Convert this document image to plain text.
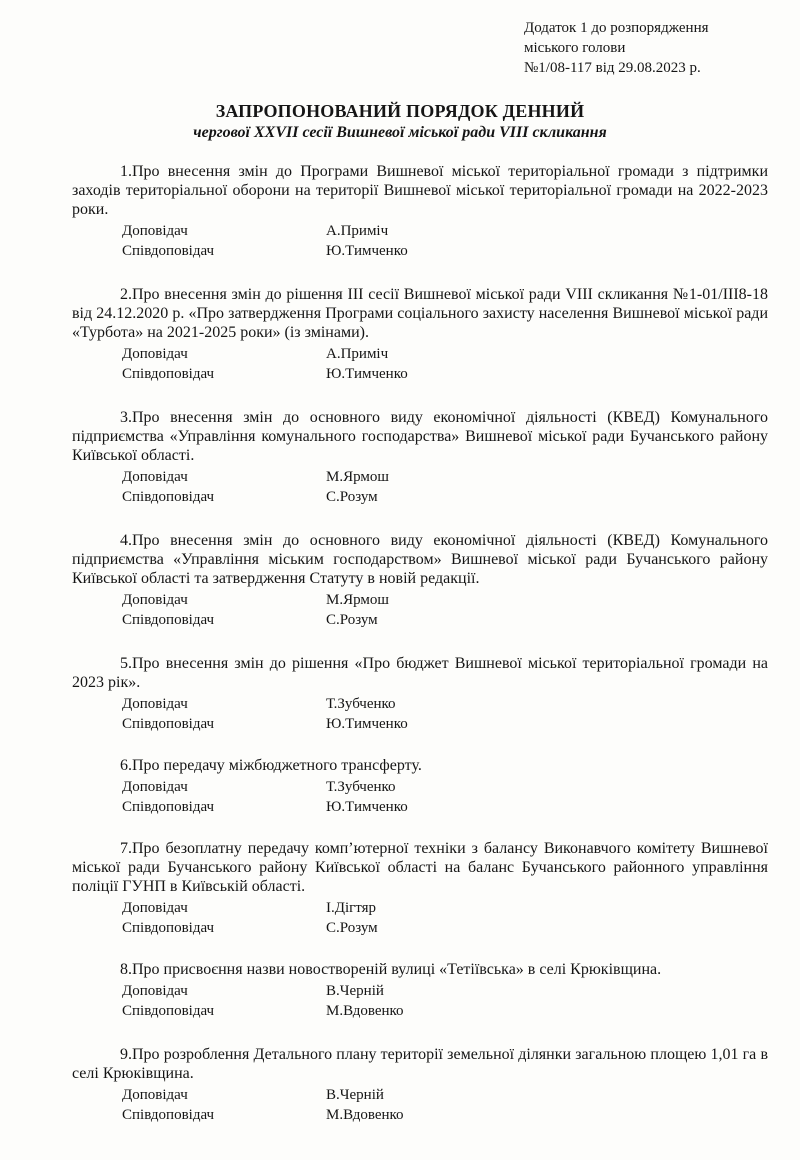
Додаток 1 до розпорядження
міського голови
№1/08-117 від 29.08.2023 р.
ЗАПРОПОНОВАНИЙ ПОРЯДОК ДЕННИЙ
чергової XXVII сесії Вишневої міської ради VIII скликання

1.Про внесення змін до Програми Вишневої міської територіальної громади з підтримки заходів територіальної оборони на території Вишневої міської територіальної громади на 2022-2023 роки.

Доповідач	А.Приміч
Співдоповідач	Ю.Тимченко

2.Про внесення змін до рішення ІІІ сесії Вишневої міської ради VIII скликання №1-01/ІІІ8-18 від 24.12.2020 р. «Про затвердження Програми соціального захисту населення Вишневої міської ради «Турбота» на 2021-2025 роки» (із змінами).

Доповідач	А.Приміч
Співдоповідач	Ю.Тимченко

3.Про внесення змін до основного виду економічної діяльності (КВЕД) Комунального підприємства «Управління комунального господарства» Вишневої міської ради Бучанського району Київської області.

Доповідач	М.Ярмош
Співдоповідач	С.Розум

4.Про внесення змін до основного виду економічної діяльності (КВЕД) Комунального підприємства «Управління міським господарством» Вишневої міської ради Бучанського району Київської області та затвердження Статуту в новій редакції.

Доповідач	М.Ярмош
Співдоповідач	С.Розум

5.Про внесення змін до рішення «Про бюджет Вишневої міської територіальної громади на 2023 рік».

Доповідач	Т.Зубченко
Співдоповідач	Ю.Тимченко

6.Про передачу міжбюджетного трансферту.

Доповідач	Т.Зубченко
Співдоповідач	Ю.Тимченко

7.Про безоплатну передачу комп’ютерної техніки з балансу Виконавчого комітету Вишневої міської ради Бучанського району Київської області на баланс Бучанського районного управління поліції ГУНП в Київській області.

Доповідач	І.Дігтяр
Співдоповідач	С.Розум

8.Про присвоєння назви новоствореній вулиці «Тетіївська» в селі Крюківщина.

Доповідач	В.Черній
Співдоповідач	М.Вдовенко

9.Про розроблення Детального плану території земельної ділянки загальною площею 1,01 га в селі Крюківщина.

Доповідач	В.Черній
Співдоповідач	М.Вдовенко
